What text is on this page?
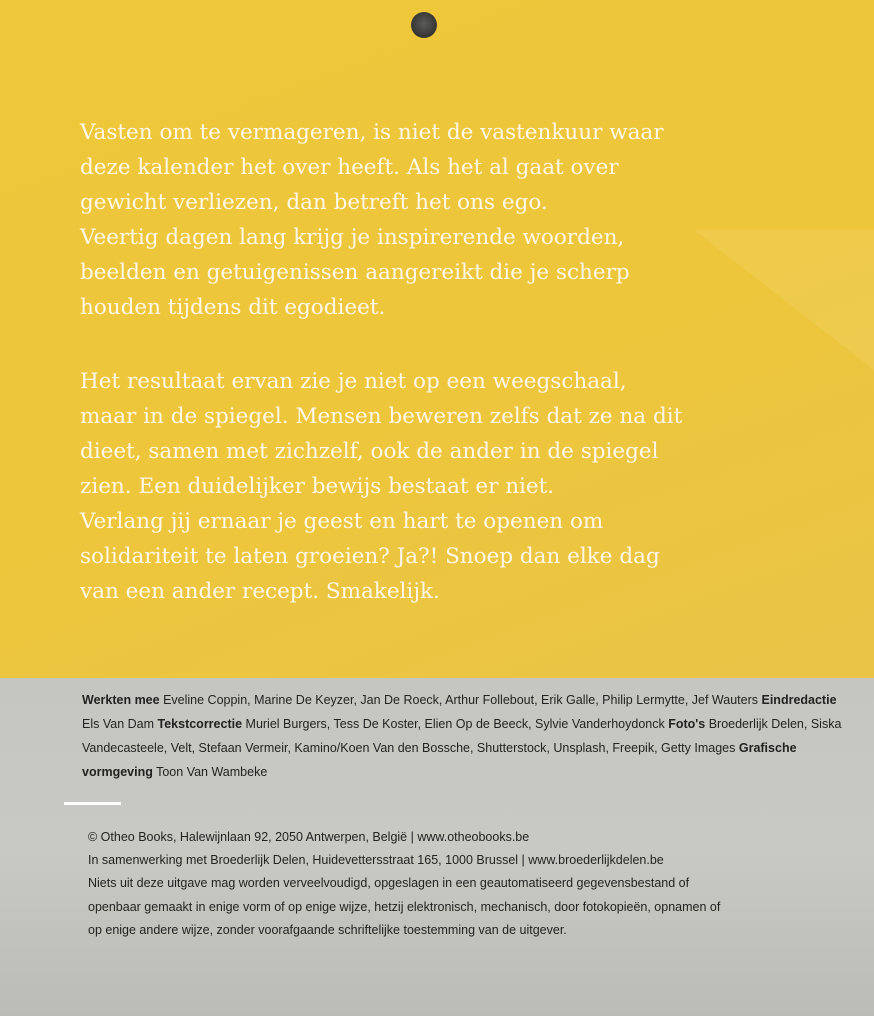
Vasten om te vermageren, is niet de vastenkuur waar
deze kalender het over heeft. Als het al gaat over
gewicht verliezen, dan betreft het ons ego.
Veertig dagen lang krijg je inspirerende woorden,
beelden en getuigenissen aangereikt die je scherp
houden tijdens dit egodieet.

Het resultaat ervan zie je niet op een weegschaal,
maar in de spiegel. Mensen beweren zelfs dat ze na dit
dieet, samen met zichzelf, ook de ander in de spiegel
zien. Een duidelijker bewijs bestaat er niet.
Verlang jij ernaar je geest en hart te openen om
solidariteit te laten groeien? Ja?! Snoep dan elke dag
van een ander recept. Smakelijk.

Werkten mee Eveline Coppin, Marine De Keyzer, Jan De Roeck, Arthur Follebout, Erik Galle, Philip Lermytte, Jef Wauters Eindredactie Els Van Dam Tekstcorrectie Muriel Burgers, Tess De Koster, Elien Op de Beeck, Sylvie Vanderhoydonck Foto's Broederlijk Delen, Siska Vandecasteele, Velt, Stefaan Vermeir, Kamino/Koen Van den Bossche, Shutterstock, Unsplash, Freepik, Getty Images Grafische vormgeving Toon Van Wambeke

© Otheo Books, Halewijnlaan 92, 2050 Antwerpen, België | www.otheobooks.be
In samenwerking met Broederlijk Delen, Huidevettersstraat 165, 1000 Brussel | www.broederlijkdelen.be
Niets uit deze uitgave mag worden verveelvoudigd, opgeslagen in een geautomatiseerd gegevensbestand of
openbaar gemaakt in enige vorm of op enige wijze, hetzij elektronisch, mechanisch, door fotokopieën, opnamen of
op enige andere wijze, zonder voorafgaande schriftelijke toestemming van de uitgever.
